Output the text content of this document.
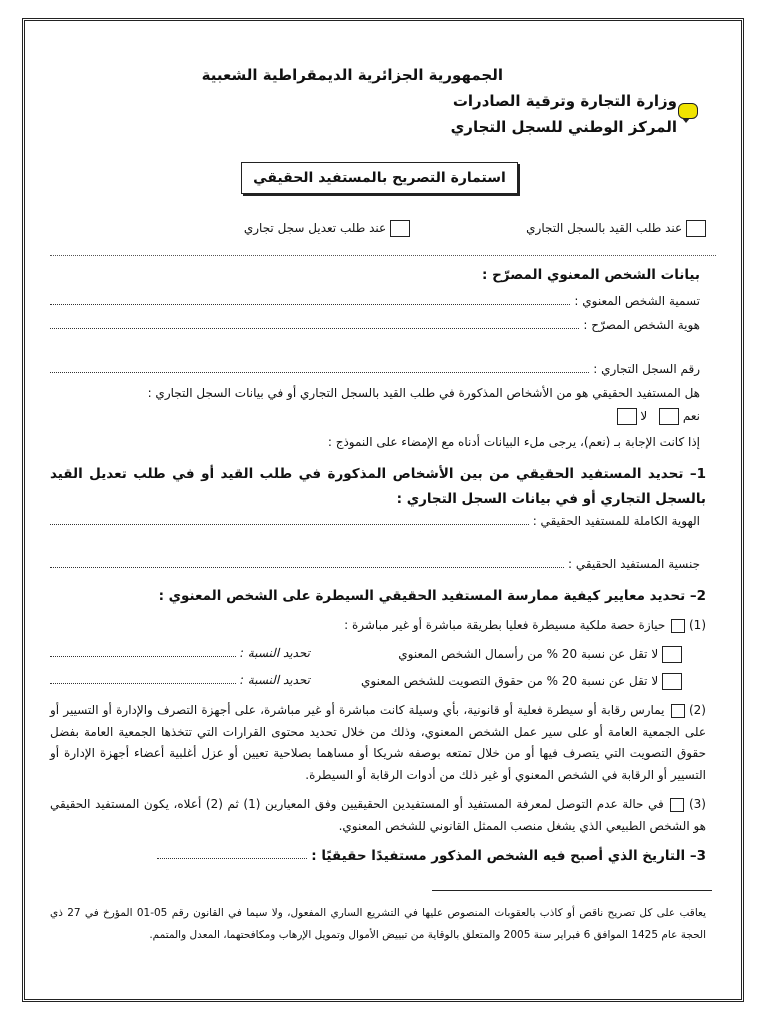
الجمهورية الجزائرية الديمقراطية الشعبية
وزارة التجارة وترقية الصادرات
المركز الوطني للسجل التجاري
استمارة التصريح بالمستفيد الحقيقي
عند طلب القيد بالسجل التجاري
عند طلب تعديل سجل تجاري
بيانات الشخص المعنوي المصرّح :
تسمية الشخص المعنوي :
هوية الشخص المصرّح :
رقم السجل التجاري :
هل المستفيد الحقيقي هو من الأشخاص المذكورة في طلب القيد بالسجل التجاري أو في بيانات السجل التجاري :
نعم  لا
إذا كانت الإجابة بـ (نعم)، يرجى ملء البيانات أدناه مع الإمضاء على النموذج :
1– تحديد المستفيد الحقيقي من بين الأشخاص المذكورة في طلب القيد أو في طلب تعديل القيد بالسجل التجاري أو في بيانات السجل التجاري :
الهوية الكاملة للمستفيد الحقيقي :
جنسية المستفيد الحقيقي :
2– تحديد معايير كيفية ممارسة المستفيد الحقيقي السيطرة على الشخص المعنوي :
(1)  حيازة حصة ملكية مسيطرة فعليا بطريقة مباشرة أو غير مباشرة :
لا تقل عن نسبة 20 % من رأسمال الشخص المعنوي
تحديد النسبة :
لا تقل عن نسبة 20 % من حقوق التصويت للشخص المعنوي
تحديد النسبة :
(2)  يمارس رقابة أو سيطرة فعلية أو قانونية، بأي وسيلة كانت مباشرة أو غير مباشرة، على أجهزة التصرف والإدارة أو التسيير أو على الجمعية العامة أو على سير عمل الشخص المعنوي، وذلك من خلال تحديد محتوى القرارات التي تتخذها الجمعية العامة بفضل حقوق التصويت التي يتصرف فيها أو من خلال تمتعه بوصفه شريكا أو مساهما بصلاحية تعيين أو عزل أغلبية أعضاء أجهزة الإدارة أو التسيير أو الرقابة في الشخص المعنوي أو غير ذلك من أدوات الرقابة أو السيطرة.
(3)  في حالة عدم التوصل لمعرفة المستفيد أو المستفيدين الحقيقيين وفق المعيارين (1) ثم (2) أعلاه، يكون المستفيد الحقيقي هو الشخص الطبيعي الذي يشغل منصب الممثل القانوني للشخص المعنوي.
3– التاريخ الذي أصبح فيه الشخص المذكور مستفيدًا حقيقيًا :
يعاقب على كل تصريح ناقص أو كاذب بالعقوبات المنصوص عليها في التشريع الساري المفعول، ولا سيما في القانون رقم 05-01 المؤرخ في 27 ذي الحجة عام 1425 الموافق 6 فبراير سنة 2005 والمتعلق بالوقاية من تبييض الأموال وتمويل الإرهاب ومكافحتهما، المعدل والمتمم.
